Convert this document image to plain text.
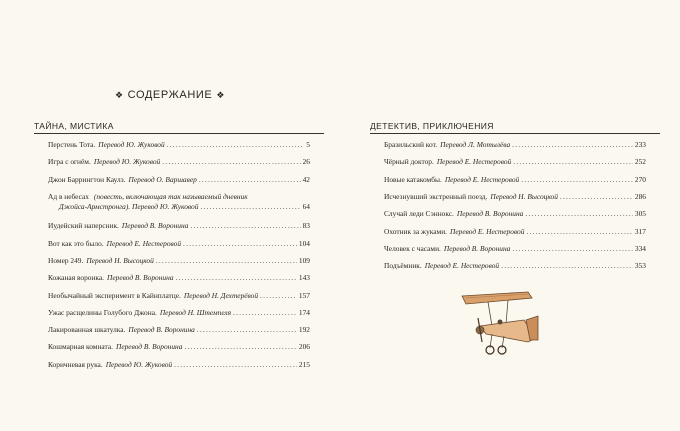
❖ СОДЕРЖАНИЕ ❖
ТАЙНА, МИСТИКА
Перстень Тота. Перевод Ю. Жуковой .....	5
Игра с огнём. Перевод Ю. Жуковой .....	26
Джон Баррингтон Каулз. Перевод О. Варшавер .....	42
Ад в небесах (повесть, включающая так называемый дневник
Джойса-Армстронга). Перевод Ю. Жуковой .....	64
Иудейский наперсник. Перевод В. Воронина .....	83
Вот как это было. Перевод Е. Нестеровой .....	104
Номер 249. Перевод Н. Высоцкой .....	109
Кожаная воронка. Перевод В. Воронина .....	143
Необычайный эксперимент в Кайнплатце. Перевод Н. Дехтерёвой .....	157
Ужас расщелины Голубого Джона. Перевод Н. Штемпеля .....	174
Лакированная шкатулка. Перевод В. Воронина .....	192
Кошмарная комната. Перевод В. Воронина .....	206
Коричневая рука. Перевод Ю. Жуковой .....	215
ДЕТЕКТИВ, ПРИКЛЮЧЕНИЯ
Бразильский кот. Перевод Л. Мотылёва .....	233
Чёрный доктор. Перевод Е. Нестеровой .....	252
Новые катакомбы. Перевод Е. Нестеровой .....	270
Исчезнувший экстренный поезд. Перевод Н. Высоцкой .....	286
Случай леди Сэннокс. Перевод В. Воронина .....	305
Охотник за жуками. Перевод Е. Нестеровой .....	317
Человек с часами. Перевод В. Воронина .....	334
Подъёмник. Перевод Е. Нестеровой .....	353
